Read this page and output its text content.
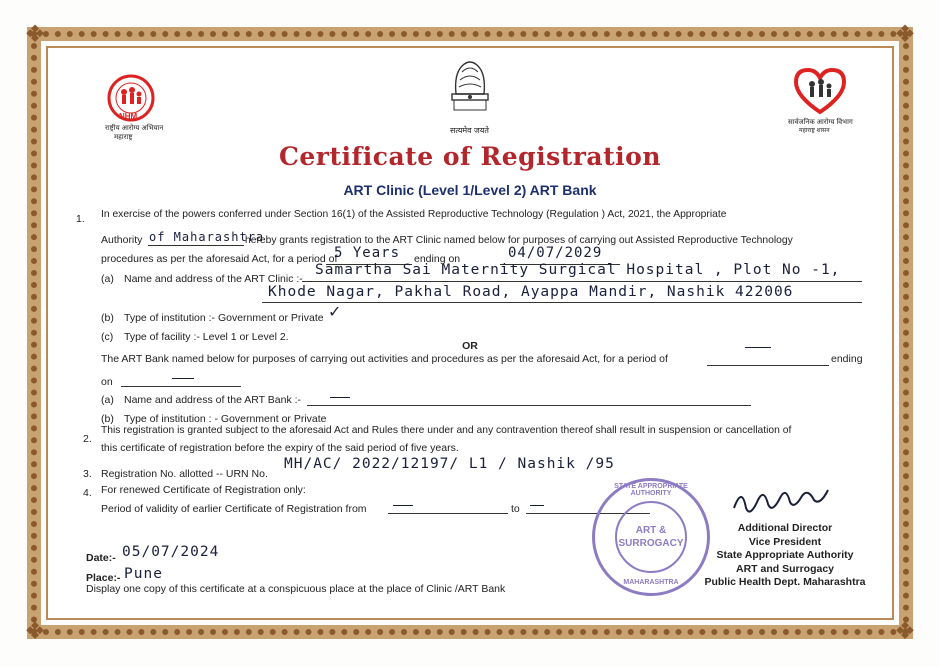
❖	❖
❖	❖
NHM
राष्ट्रीय आरोग्य अभियान
महाराष्ट्र
सत्यमेव जयते
सार्वजनिक आरोग्य विभाग
महाराष्ट्र शासन
Certificate of Registration
ART Clinic (Level 1/Level 2) ART Bank
1. In exercise of the powers conferred under Section 16(1) of the Assisted Reproductive Technology (Regulation ) Act, 2021, the Appropriate
Authority of Maharashtra
hereby grants registration to the ART Clinic named below for purposes of carrying out Assisted Reproductive Technology
procedures as per the aforesaid Act, for a period of
5 Years ending on	04/07/2029
(a) Name and address of the ART Clinic :-
Samartha Sai Maternity Surgical Hospital , Plot No -1,
Khode Nagar, Pakhal Road, Ayappa Mandir, Nashik 422006
(b) Type of institution :- Government or Private ✓
(c) Type of facility :- Level 1 or Level 2.
OR
The ART Bank named below for purposes of carrying out activities and procedures as per the aforesaid Act, for a period of	ending
on
(a) Name and address of the ART Bank :-
(b) Type of institution : - Government or Private
2.
This registration is granted subject to the aforesaid Act and Rules there under and any contravention thereof shall result in suspension or cancellation of
this certificate of registration before the expiry of the said period of five years.
3. Registration No. allotted -- URN No.
MH/AC/ 2022/12197/ L1 / Nashik /95
4. For renewed Certificate of Registration only:
Period of validity of earlier Certificate of Registration from	to
Date:- 05/07/2024
Place:- Pune
Display one copy of this certificate at a conspicuous place at the place of Clinic /ART Bank
STATE APPROPRIATE AUTHORITY
ART &
SURROGACY
MAHARASHTRA
Additional Director
Vice President
State Appropriate Authority
ART and Surrogacy
Public Health Dept. Maharashtra
